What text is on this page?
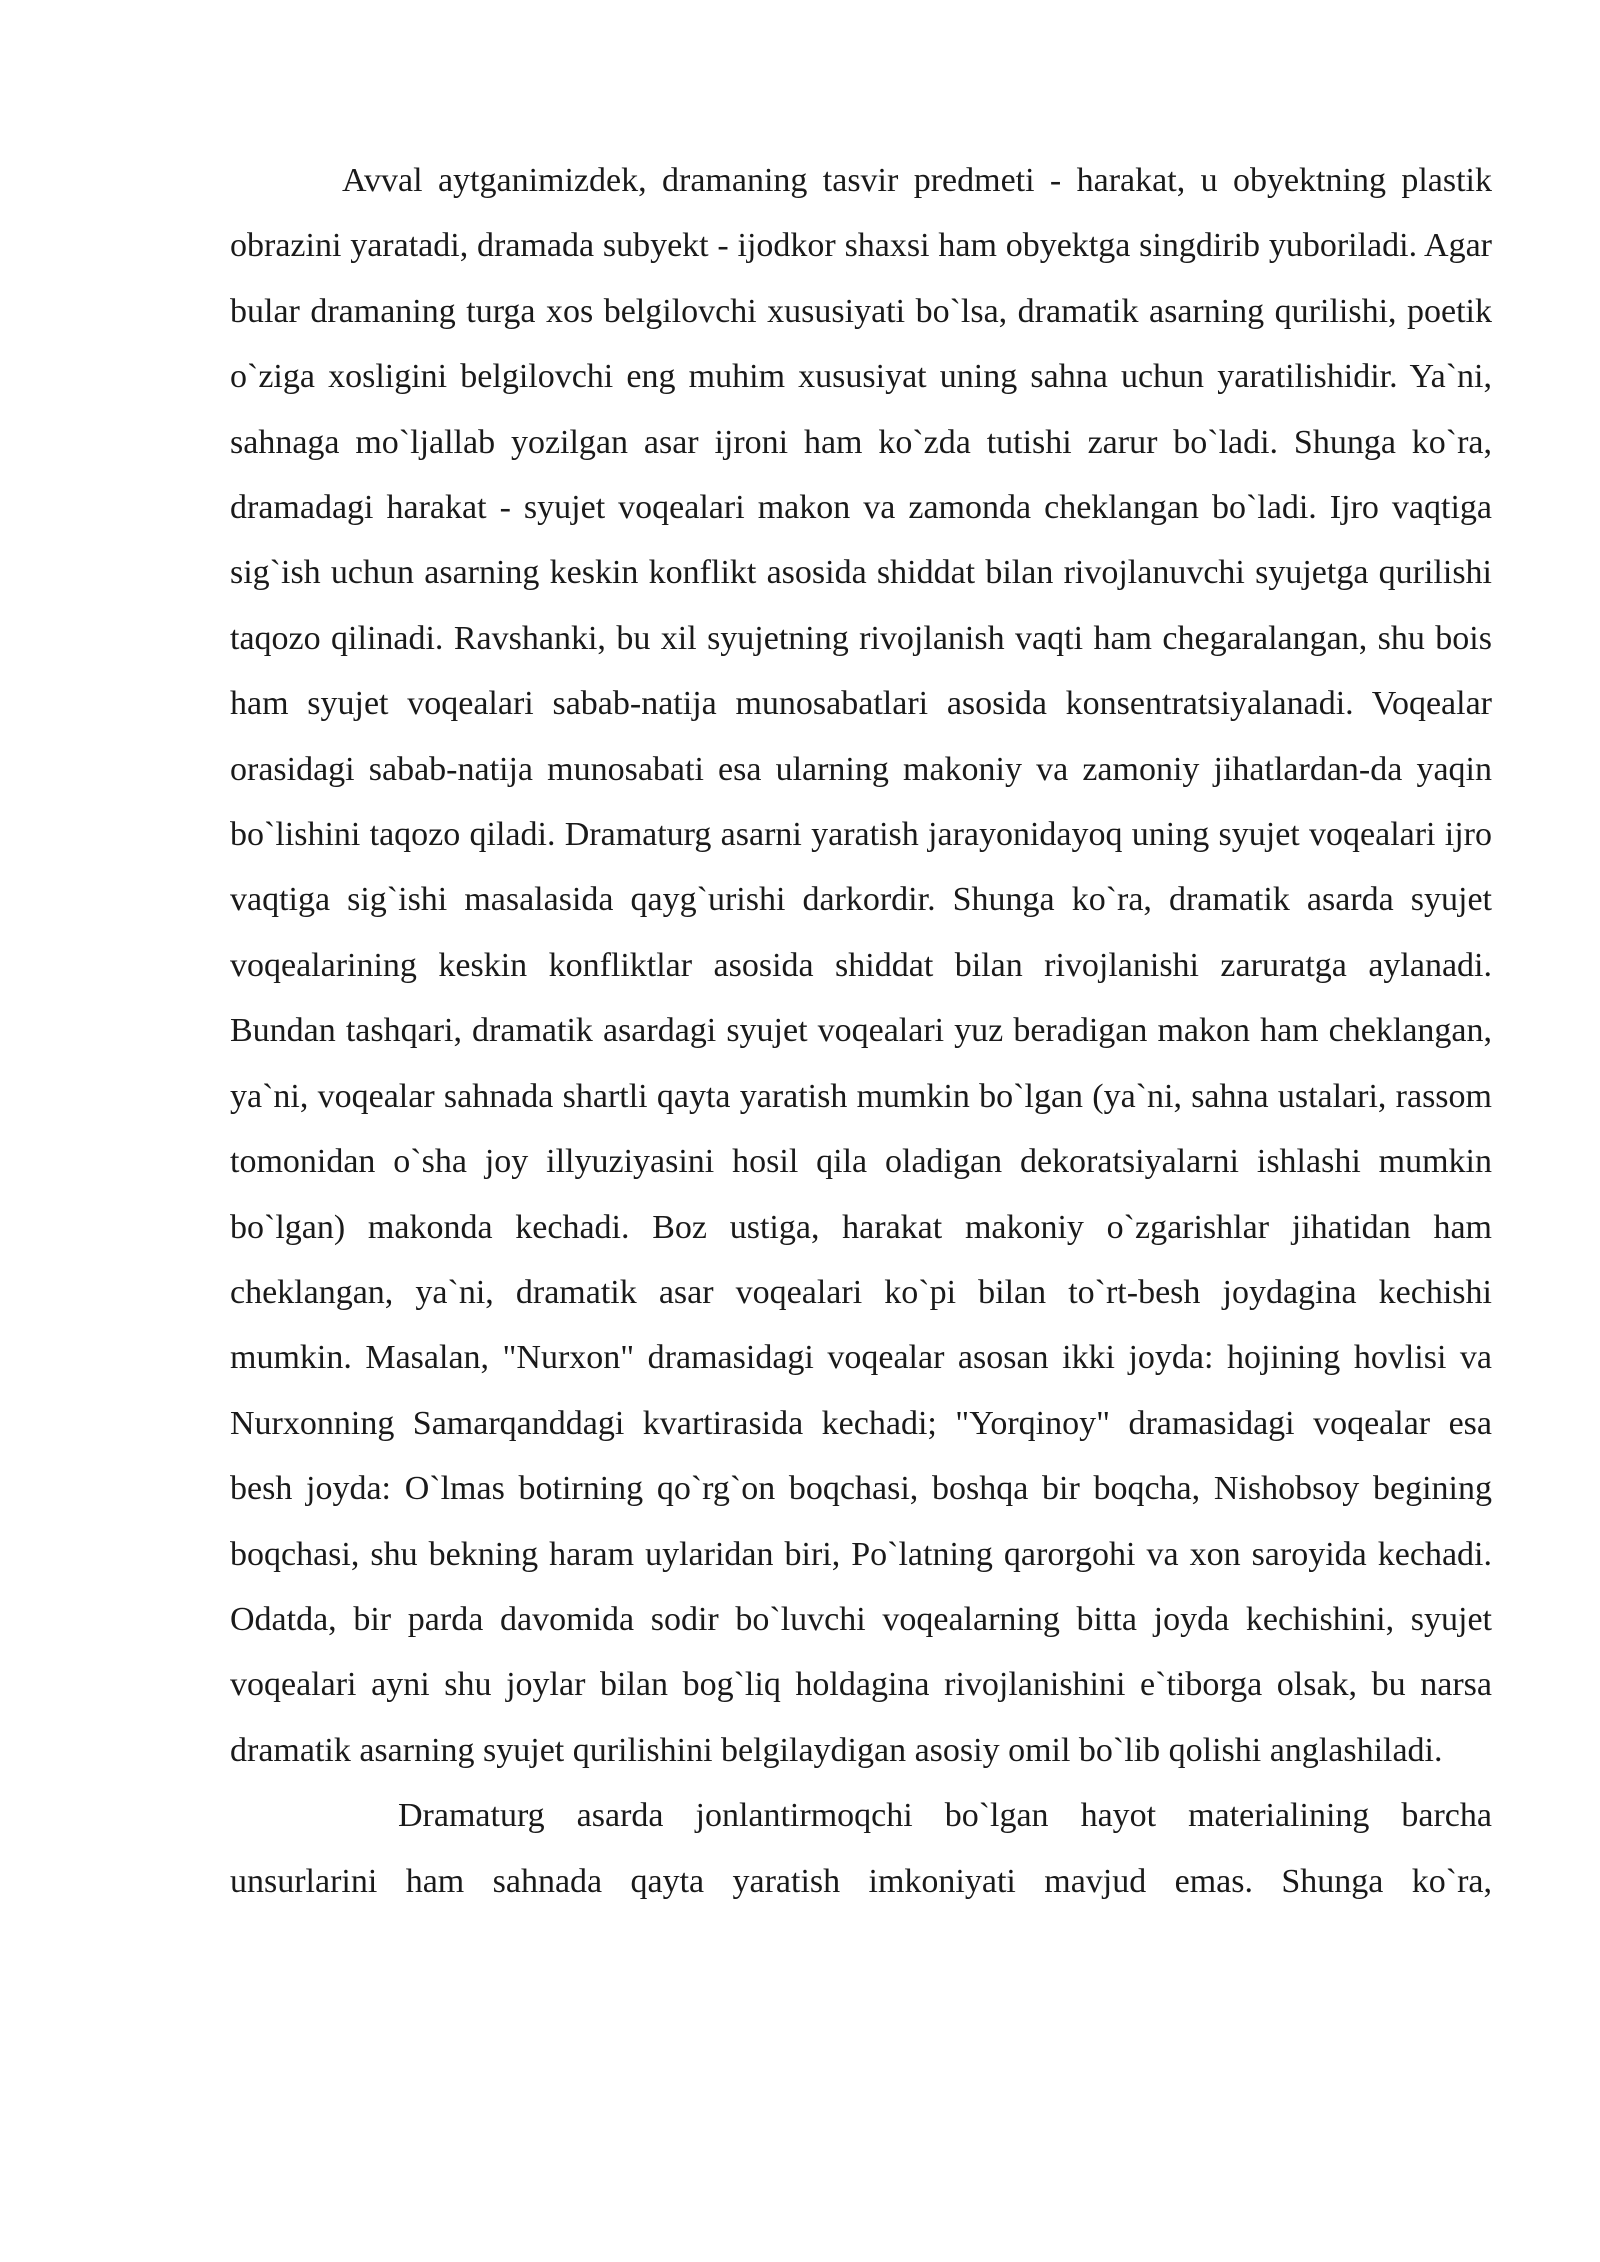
Avval aytganimizdek, dramaning tasvir predmeti - harakat, u obyektning plastik obrazini yaratadi, dramada subyekt - ijodkor shaxsi ham obyektga singdirib yuboriladi. Agar bular dramaning turga xos belgilovchi xususiyati bo`lsa, dramatik asarning qurilishi, poetik o`ziga xosligini belgilovchi eng muhim xususiyat uning sahna uchun yaratilishidir. Ya`ni, sahnaga mo`ljallab yozilgan asar ijroni ham ko`zda tutishi zarur bo`ladi. Shunga ko`ra, dramadagi harakat - syujet voqealari makon va zamonda cheklangan bo`ladi. Ijro vaqtiga sig`ish uchun asarning keskin konflikt asosida shiddat bilan rivojlanuvchi syujetga qurilishi taqozo qilinadi. Ravshanki, bu xil syujetning rivojlanish vaqti ham chegaralangan, shu bois ham syujet voqealari sabab-natija munosabatlari asosida konsentratsiyalanadi. Voqealar orasidagi sabab-natija munosabati esa ularning makoniy va zamoniy jihatlardan-da yaqin bo`lishini taqozo qiladi. Dramaturg asarni yaratish jarayonidayoq uning syujet voqealari ijro vaqtiga sig`ishi masalasida qayg`urishi darkordir. Shunga ko`ra, dramatik asarda syujet voqealarining keskin konfliktlar asosida shiddat bilan rivojlanishi zaruratga aylanadi. Bundan tashqari, dramatik asardagi syujet voqealari yuz beradigan makon ham cheklangan, ya`ni, voqealar sahnada shartli qayta yaratish mumkin bo`lgan (ya`ni, sahna ustalari, rassom tomonidan o`sha joy illyuziyasini hosil qila oladigan dekoratsiyalarni ishlashi mumkin bo`lgan) makonda kechadi. Boz ustiga, harakat makoniy o`zgarishlar jihatidan ham cheklangan, ya`ni, dramatik asar voqealari ko`pi bilan to`rt-besh joydagina kechishi mumkin. Masalan, "Nurxon" dramasidagi voqealar asosan ikki joyda: hojining hovlisi va Nurxonning Samarqanddagi kvartirasida kechadi; "Yorqinoy" dramasidagi voqealar esa besh joyda: O`lmas botirning qo`rg`on boqchasi, boshqa bir boqcha, Nishobsoy begining boqchasi, shu bekning haram uylaridan biri, Po`latning qarorgohi va xon saroyida kechadi. Odatda, bir parda davomida sodir bo`luvchi voqealarning bitta joyda kechishini, syujet voqealari ayni shu joylar bilan bog`liq holdagina rivojlanishini e`tiborga olsak, bu narsa dramatik asarning syujet qurilishini belgilaydigan asosiy omil bo`lib qolishi anglashiladi.

Dramaturg asarda jonlantirmoqchi bo`lgan hayot materialining barcha unsurlarini ham sahnada qayta yaratish imkoniyati mavjud emas. Shunga ko`ra,
